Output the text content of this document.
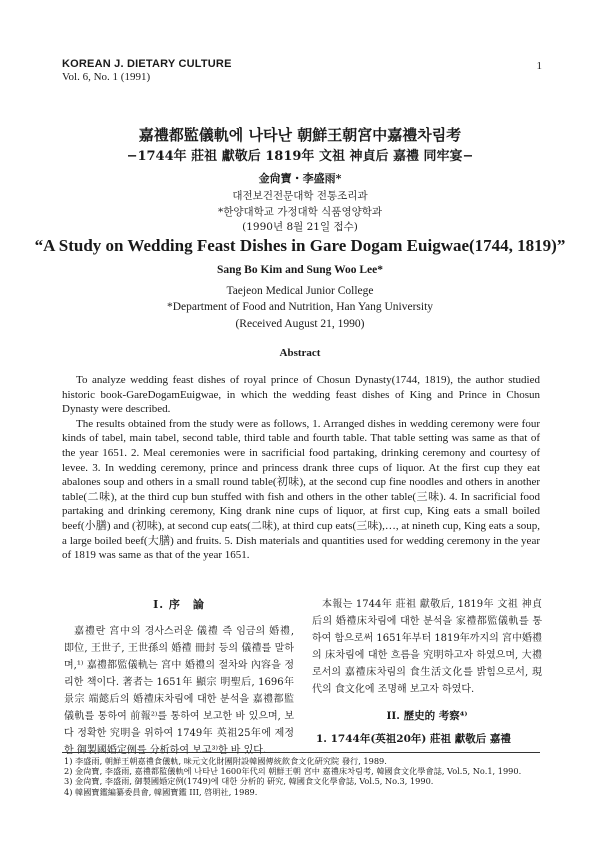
KOREAN J. DIETARY CULTURE
Vol. 6, No. 1 (1991)
1
嘉禮都監儀軌에 나타난 朝鮮王朝宮中嘉禮차림考
−1744年 莊祖 獻敬后 1819年 文祖 神貞后 嘉禮 同牢宴−
金尙寶・李盛雨*
대전보건전문대학 전통조리과
*한양대학교 가정대학 식품영양학과
(1990년 8월 21일 접수)
“A Study on Wedding Feast Dishes in Gare Dogam Euigwae(1744, 1819)”
Sang Bo Kim and Sung Woo Lee*
Taejeon Medical Junior College
*Department of Food and Nutrition, Han Yang University
(Received August 21, 1990)
Abstract

To analyze wedding feast dishes of royal prince of Chosun Dynasty(1744, 1819), the author studied historic book-GareDogamEuigwae, in which the wedding feast dishes of King and Prince in Chosun Dynasty were described.

The results obtained from the study were as follows, 1. Arranged dishes in wedding ceremony were four kinds of tabel, main tabel, second table, third table and fourth table. That table setting was same as that of the year 1651. 2. Meal ceremonies were in sacrificial food partaking, drinking ceremony and courtesy of levee. 3. In wedding ceremony, prince and princess drank three cups of liquor. At the first cup they eat abalones soup and others in a small round table(初味), at the second cup fine noodles and others in another table(二味), at the third cup bun stuffed with fish and others in the other table(三味). 4. In sacrificial food partaking and drinking ceremony, King drank nine cups of liquor, at first cup, King eats a small boiled beef(小膳) and (初味), at second cup eats(二味), at third cup eats(三味),…, at nineth cup, King eats a soup, a large boiled beef(大膳) and fruits. 5. Dish materials and quantities used for wedding ceremony in the year of 1819 was same as that of the year 1651.

I. 序　論

嘉禮란 宮中의 경사스러운 儀禮 즉 임금의 婚禮, 即位, 王世子, 王世孫의 婚禮 冊封 등의 儀禮를 말하며,¹⁾ 嘉禮都監儀軌는 宮中 婚禮의 절차와 內容을 정리한 책이다. 著者는 1651年 顯宗 明聖后, 1696年 景宗 端懿后의 婚禮床차림에 대한 분석을 嘉禮都監儀軌를 통하여 前報²⁾를 통하여 보고한 바 있으며, 보다 정확한 究明을 위하여 1749年 英祖25年에 제정한 御製國婚定例를 分析하여 보고³⁾한 바 있다.

本報는 1744年 莊祖 獻敬后, 1819年 文祖 神貞后의 婚禮床차림에 대한 분석을 家禮都監儀軌를 통하여 함으로써 1651年부터 1819年까지의 宮中婚禮의 床차림에 대한 흐름을 究明하고자 하였으며, 大禮로서의 嘉禮床차림의 食生活文化를 밝힘으로서, 現代의 食文化에 조명해 보고자 하였다.

II. 歷史的 考察⁴⁾
1. 1744年(英祖20年) 莊祖 獻敬后 嘉禮
1) 李盛雨, 朝鮮王朝嘉禮食儀軌, 味元文化財團附設韓國傳統飮食文化硏究院 發行, 1989.
2) 金尙寶, 李盛雨, 嘉禮都監儀軌에 나타난 1600年代의 朝鮮王朝 宮中 嘉禮床차림考, 韓國食文化學會誌, Vol.5, No.1, 1990.
3) 金尙寶, 李盛雨, 御製國婚定例(1749)에 대한 分析的 硏究, 韓國食文化學會誌, Vol.5, No.3, 1990.
4) 韓國寶鑑編纂委員會, 韓國寶鑑 III, 啓明社, 1989.
